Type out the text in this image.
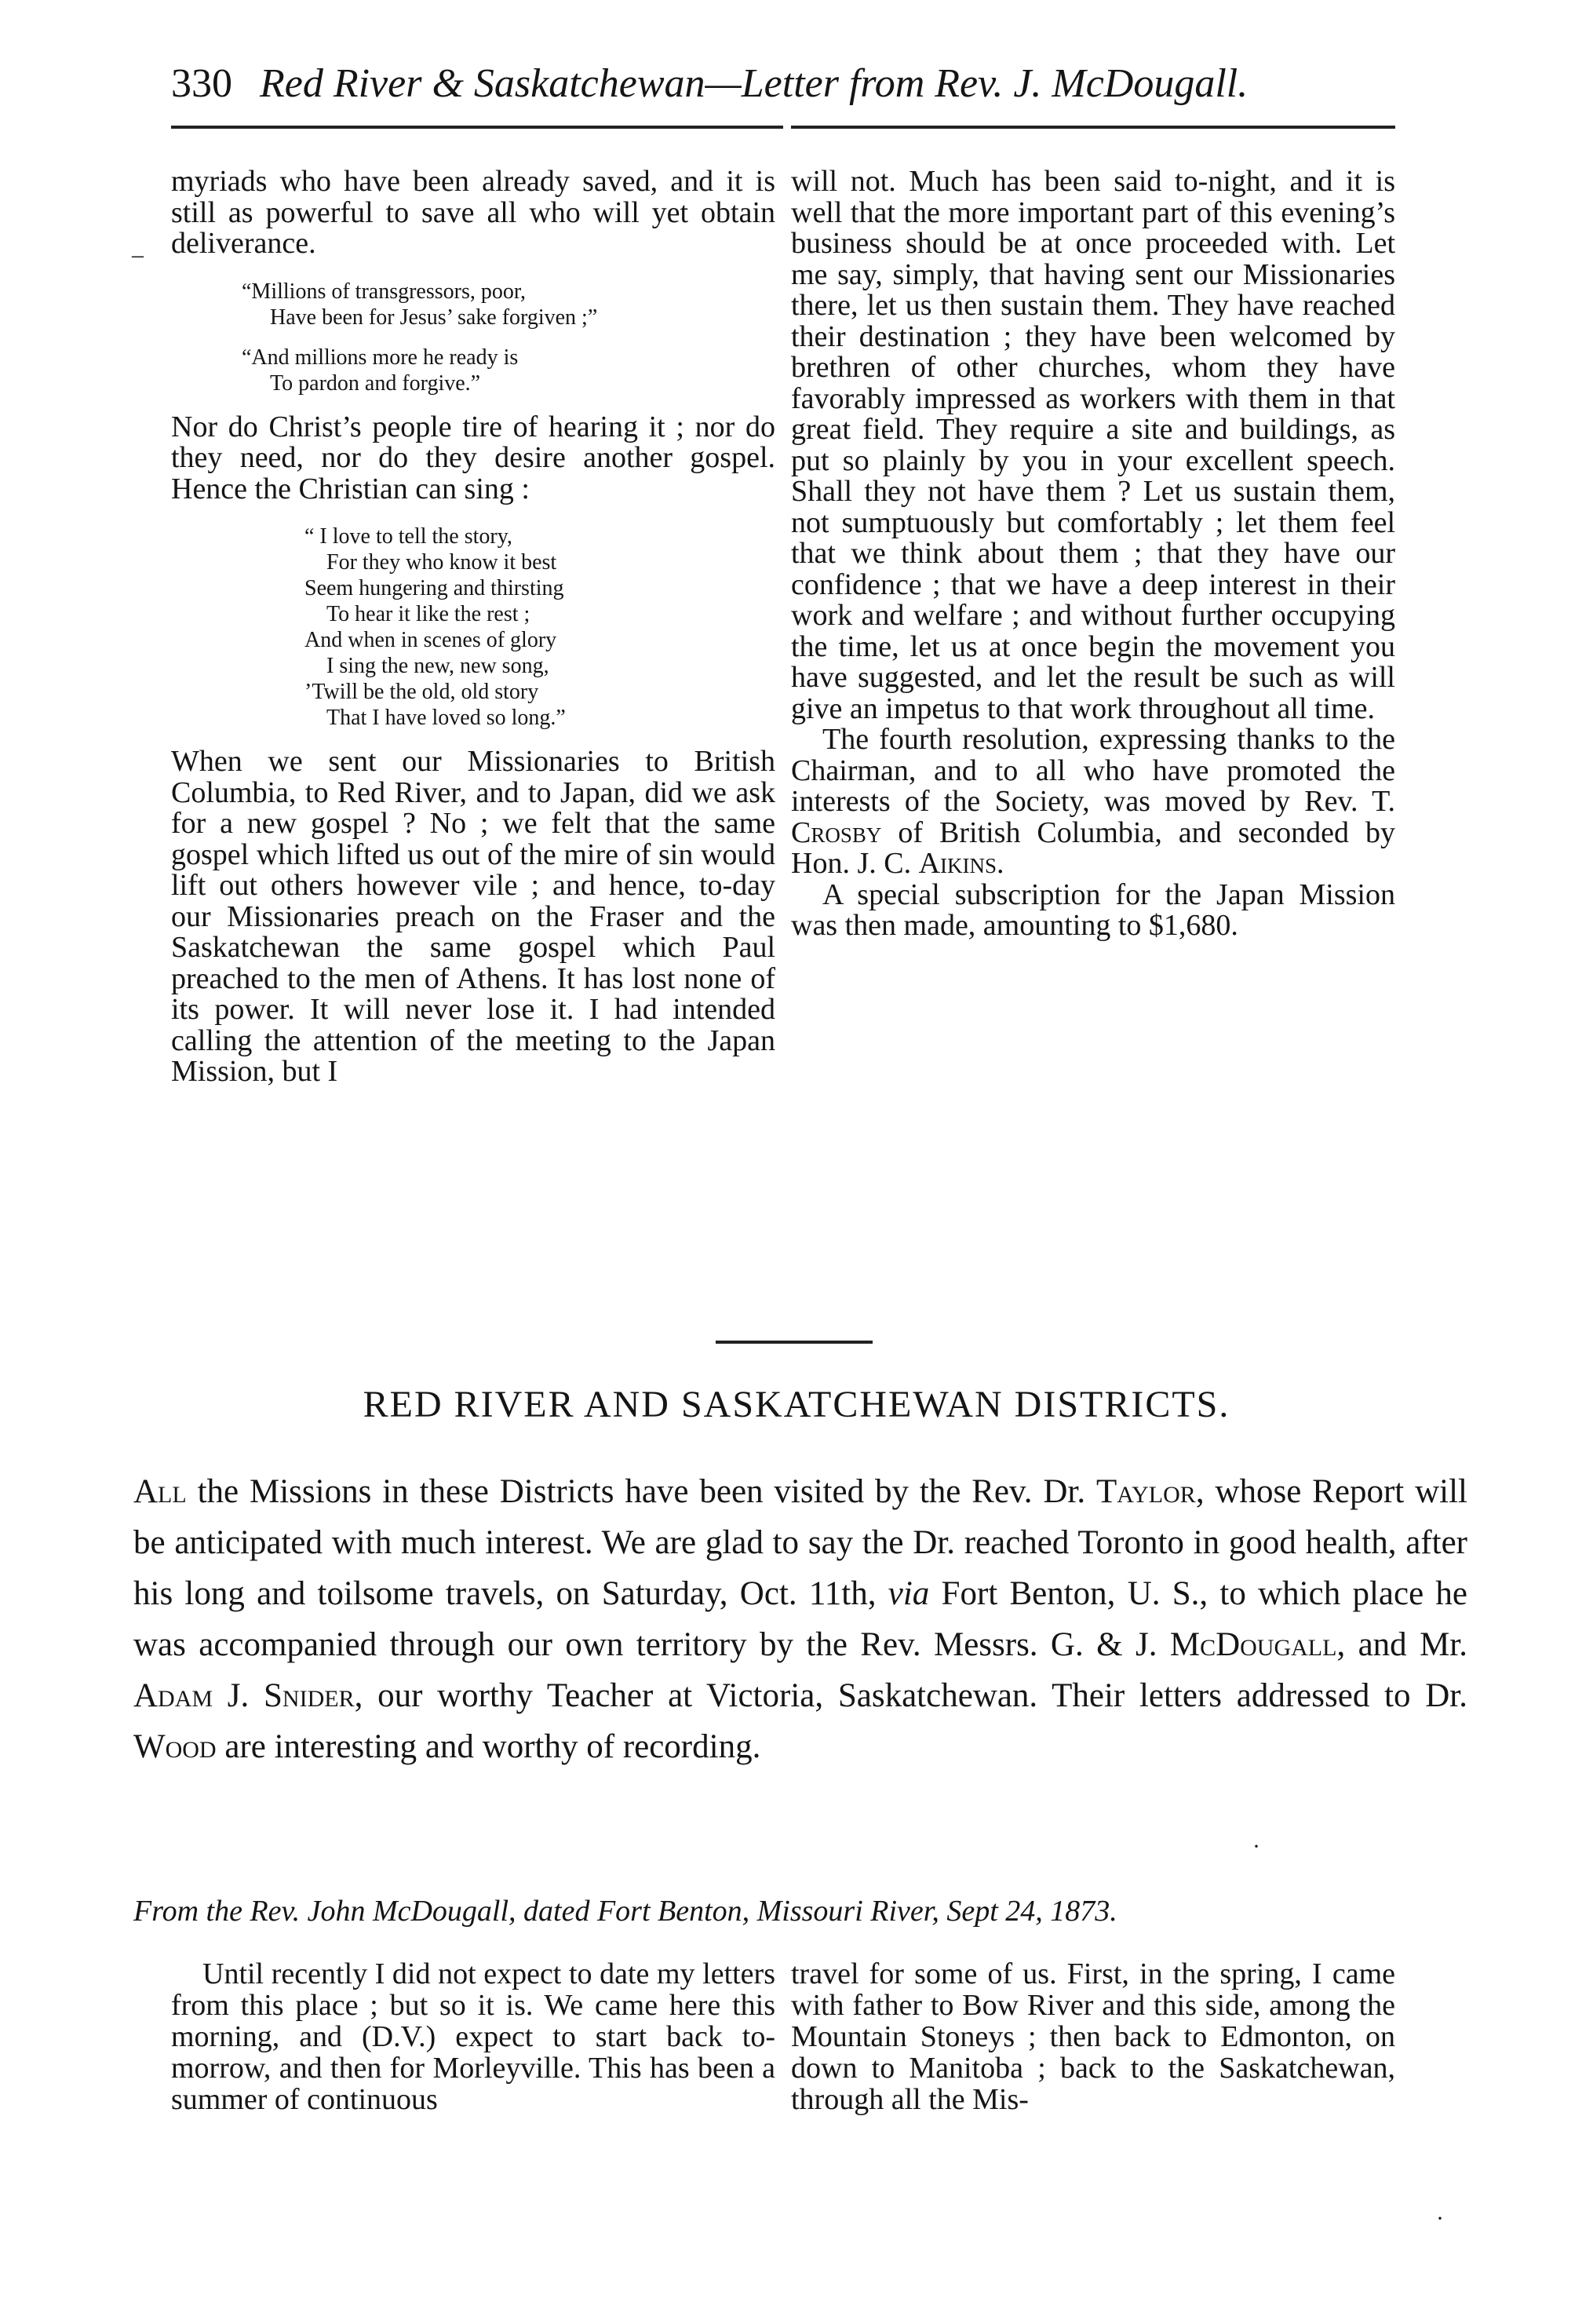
330 Red River & Saskatchewan—Letter from Rev. J. McDougall.

myriads who have been already saved, and it is still as powerful to save all who will yet obtain deliverance.

“Millions of transgressors, poor,
Have been for Jesus’ sake forgiven ;”
“And millions more he ready is
To pardon and forgive.”

Nor do Christ’s people tire of hearing it ; nor do they need, nor do they desire another gospel. Hence the Christian can sing :

“ I love to tell the story,
For they who know it best
Seem hungering and thirsting
To hear it like the rest ;
And when in scenes of glory
I sing the new, new song,
’Twill be the old, old story
That I have loved so long.”

When we sent our Missionaries to British Columbia, to Red River, and to Japan, did we ask for a new gospel ? No ; we felt that the same gospel which lifted us out of the mire of sin would lift out others however vile ; and hence, to-day our Missionaries preach on the Fraser and the Saskatchewan the same gospel which Paul preached to the men of Athens. It has lost none of its power. It will never lose it. I had intended calling the attention of the meeting to the Japan Mission, but I

will not. Much has been said to-night, and it is well that the more important part of this evening’s business should be at once proceeded with. Let me say, simply, that having sent our Missionaries there, let us then sustain them. They have reached their destination ; they have been welcomed by brethren of other churches, whom they have favorably impressed as workers with them in that great field. They require a site and buildings, as put so plainly by you in your excellent speech. Shall they not have them ? Let us sustain them, not sumptuously but comfortably ; let them feel that we think about them ; that they have our confidence ; that we have a deep interest in their work and welfare ; and without further occupying the time, let us at once begin the movement you have suggested, and let the result be such as will give an impetus to that work throughout all time.

The fourth resolution, expressing thanks to the Chairman, and to all who have promoted the interests of the Society, was moved by Rev. T. Crosby of British Columbia, and seconded by Hon. J. C. Aikins.

A special subscription for the Japan Mission was then made, amounting to $1,680.

RED RIVER AND SASKATCHEWAN DISTRICTS.
All the Missions in these Districts have been visited by the Rev. Dr. Taylor, whose Report will be anticipated with much interest. We are glad to say the Dr. reached Toronto in good health, after his long and toilsome travels, on Saturday, Oct. 11th, via Fort Benton, U. S., to which place he was accompanied through our own territory by the Rev. Messrs. G. & J. McDougall, and Mr. Adam J. Snider, our worthy Teacher at Victoria, Saskatchewan. Their letters addressed to Dr. Wood are interesting and worthy of recording.
From the Rev. John McDougall, dated Fort Benton, Missouri River, Sept 24, 1873.
Until recently I did not expect to date my letters from this place ; but so it is. We came here this morning, and (D.V.) expect to start back to-morrow, and then for Morleyville. This has been a summer of continuous
travel for some of us. First, in the spring, I came with father to Bow River and this side, among the Mountain Stoneys ; then back to Edmonton, on down to Manitoba ; back to the Saskatchewan, through all the Mis-
–
·
·
